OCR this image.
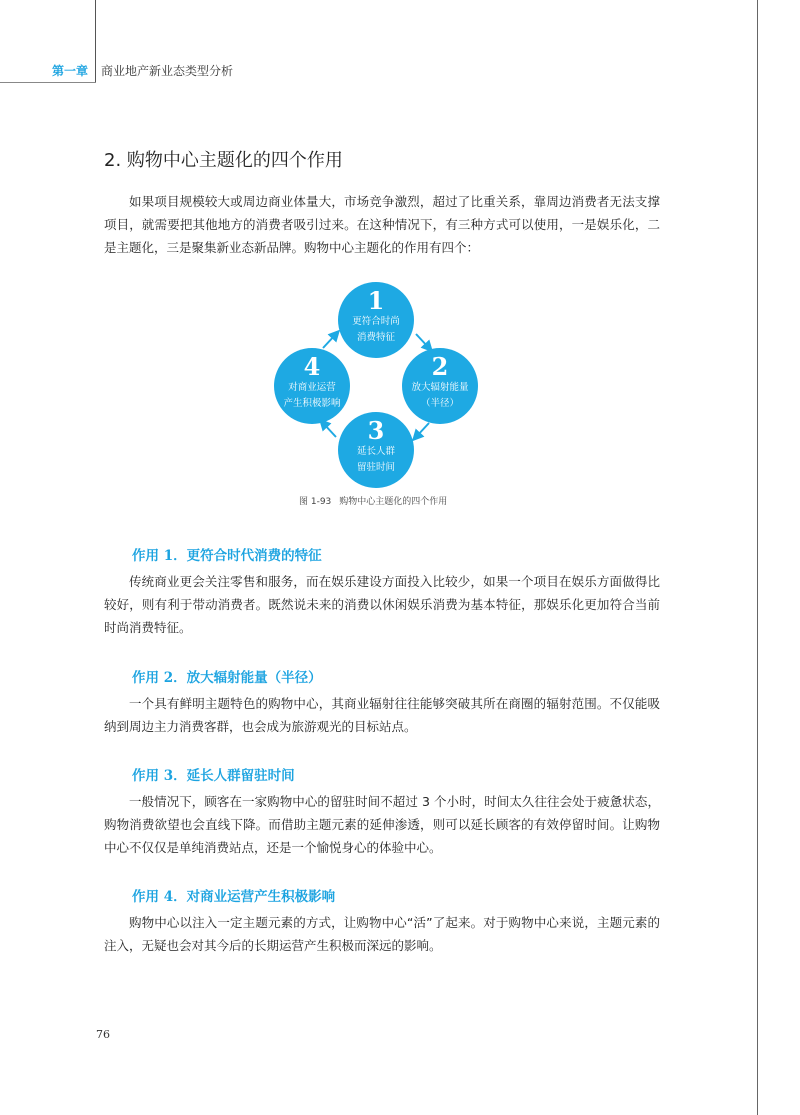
第一章 商业地产新业态类型分析
2. 购物中心主题化的四个作用

如果项目规模较大或周边商业体量大，市场竞争激烈，超过了比重关系，靠周边消费者无法支撑项目，就需要把其他地方的消费者吸引过来。在这种情况下，有三种方式可以使用，一是娱乐化，二是主题化，三是聚集新业态新品牌。购物中心主题化的作用有四个：

1
更符合时尚
消费特征
2
放大辐射能量
（半径）
3
延长人群
留驻时间
4
对商业运营
产生积极影响
图 1-93 购物中心主题化的四个作用
作用 1．更符合时代消费的特征

传统商业更会关注零售和服务，而在娱乐建设方面投入比较少，如果一个项目在娱乐方面做得比较好，则有利于带动消费者。既然说未来的消费以休闲娱乐消费为基本特征，那娱乐化更加符合当前时尚消费特征。

作用 2．放大辐射能量（半径）

一个具有鲜明主题特色的购物中心，其商业辐射往往能够突破其所在商圈的辐射范围。不仅能吸纳到周边主力消费客群，也会成为旅游观光的目标站点。

作用 3．延长人群留驻时间

一般情况下，顾客在一家购物中心的留驻时间不超过 3 个小时，时间太久往往会处于疲惫状态，购物消费欲望也会直线下降。而借助主题元素的延伸渗透，则可以延长顾客的有效停留时间。让购物中心不仅仅是单纯消费站点，还是一个愉悦身心的体验中心。

作用 4．对商业运营产生积极影响

购物中心以注入一定主题元素的方式，让购物中心“活”了起来。对于购物中心来说，主题元素的注入，无疑也会对其今后的长期运营产生积极而深远的影响。

76
